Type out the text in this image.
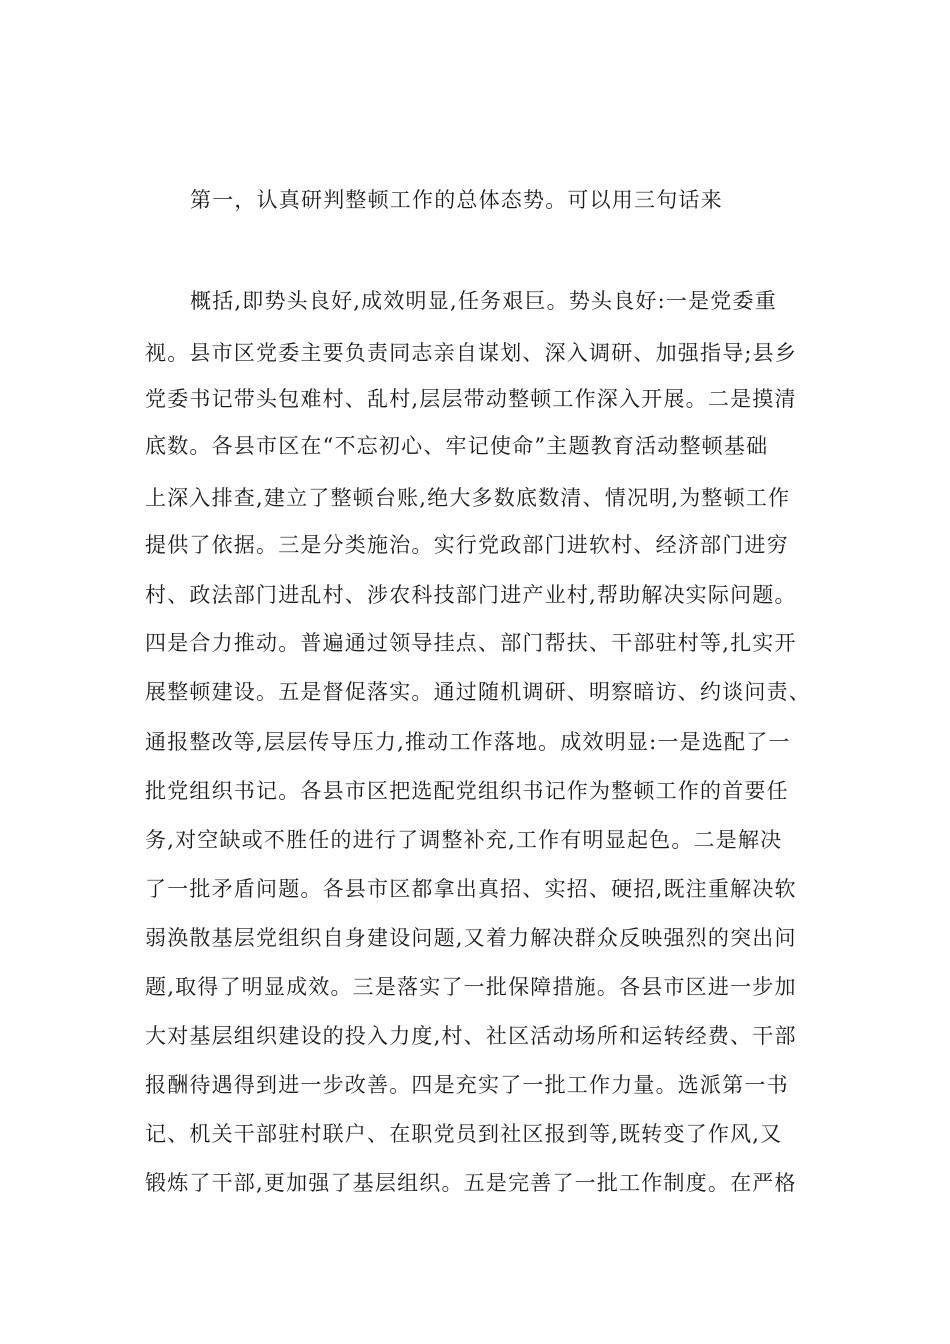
第一，认真研判整顿工作的总体态势。可以用三句话来
概括,即势头良好,成效明显,任务艰巨。势头良好:一是党委重
视。县市区党委主要负责同志亲自谋划、深入调研、加强指导;县乡
党委书记带头包难村、乱村,层层带动整顿工作深入开展。二是摸清
底数。各县市区在“不忘初心、牢记使命”主题教育活动整顿基础
上深入排查,建立了整顿台账,绝大多数底数清、情况明,为整顿工作
提供了依据。三是分类施治。实行党政部门进软村、经济部门进穷
村、政法部门进乱村、涉农科技部门进产业村,帮助解决实际问题。
四是合力推动。普遍通过领导挂点、部门帮扶、干部驻村等,扎实开
展整顿建设。五是督促落实。通过随机调研、明察暗访、约谈问责、
通报整改等,层层传导压力,推动工作落地。成效明显:一是选配了一
批党组织书记。各县市区把选配党组织书记作为整顿工作的首要任
务,对空缺或不胜任的进行了调整补充,工作有明显起色。二是解决
了一批矛盾问题。各县市区都拿出真招、实招、硬招,既注重解决软
弱涣散基层党组织自身建设问题,又着力解决群众反映强烈的突出问
题,取得了明显成效。三是落实了一批保障措施。各县市区进一步加
大对基层组织建设的投入力度,村、社区活动场所和运转经费、干部
报酬待遇得到进一步改善。四是充实了一批工作力量。选派第一书
记、机关干部驻村联户、在职党员到社区报到等,既转变了作风,又
锻炼了干部,更加强了基层组织。五是完善了一批工作制度。在严格
